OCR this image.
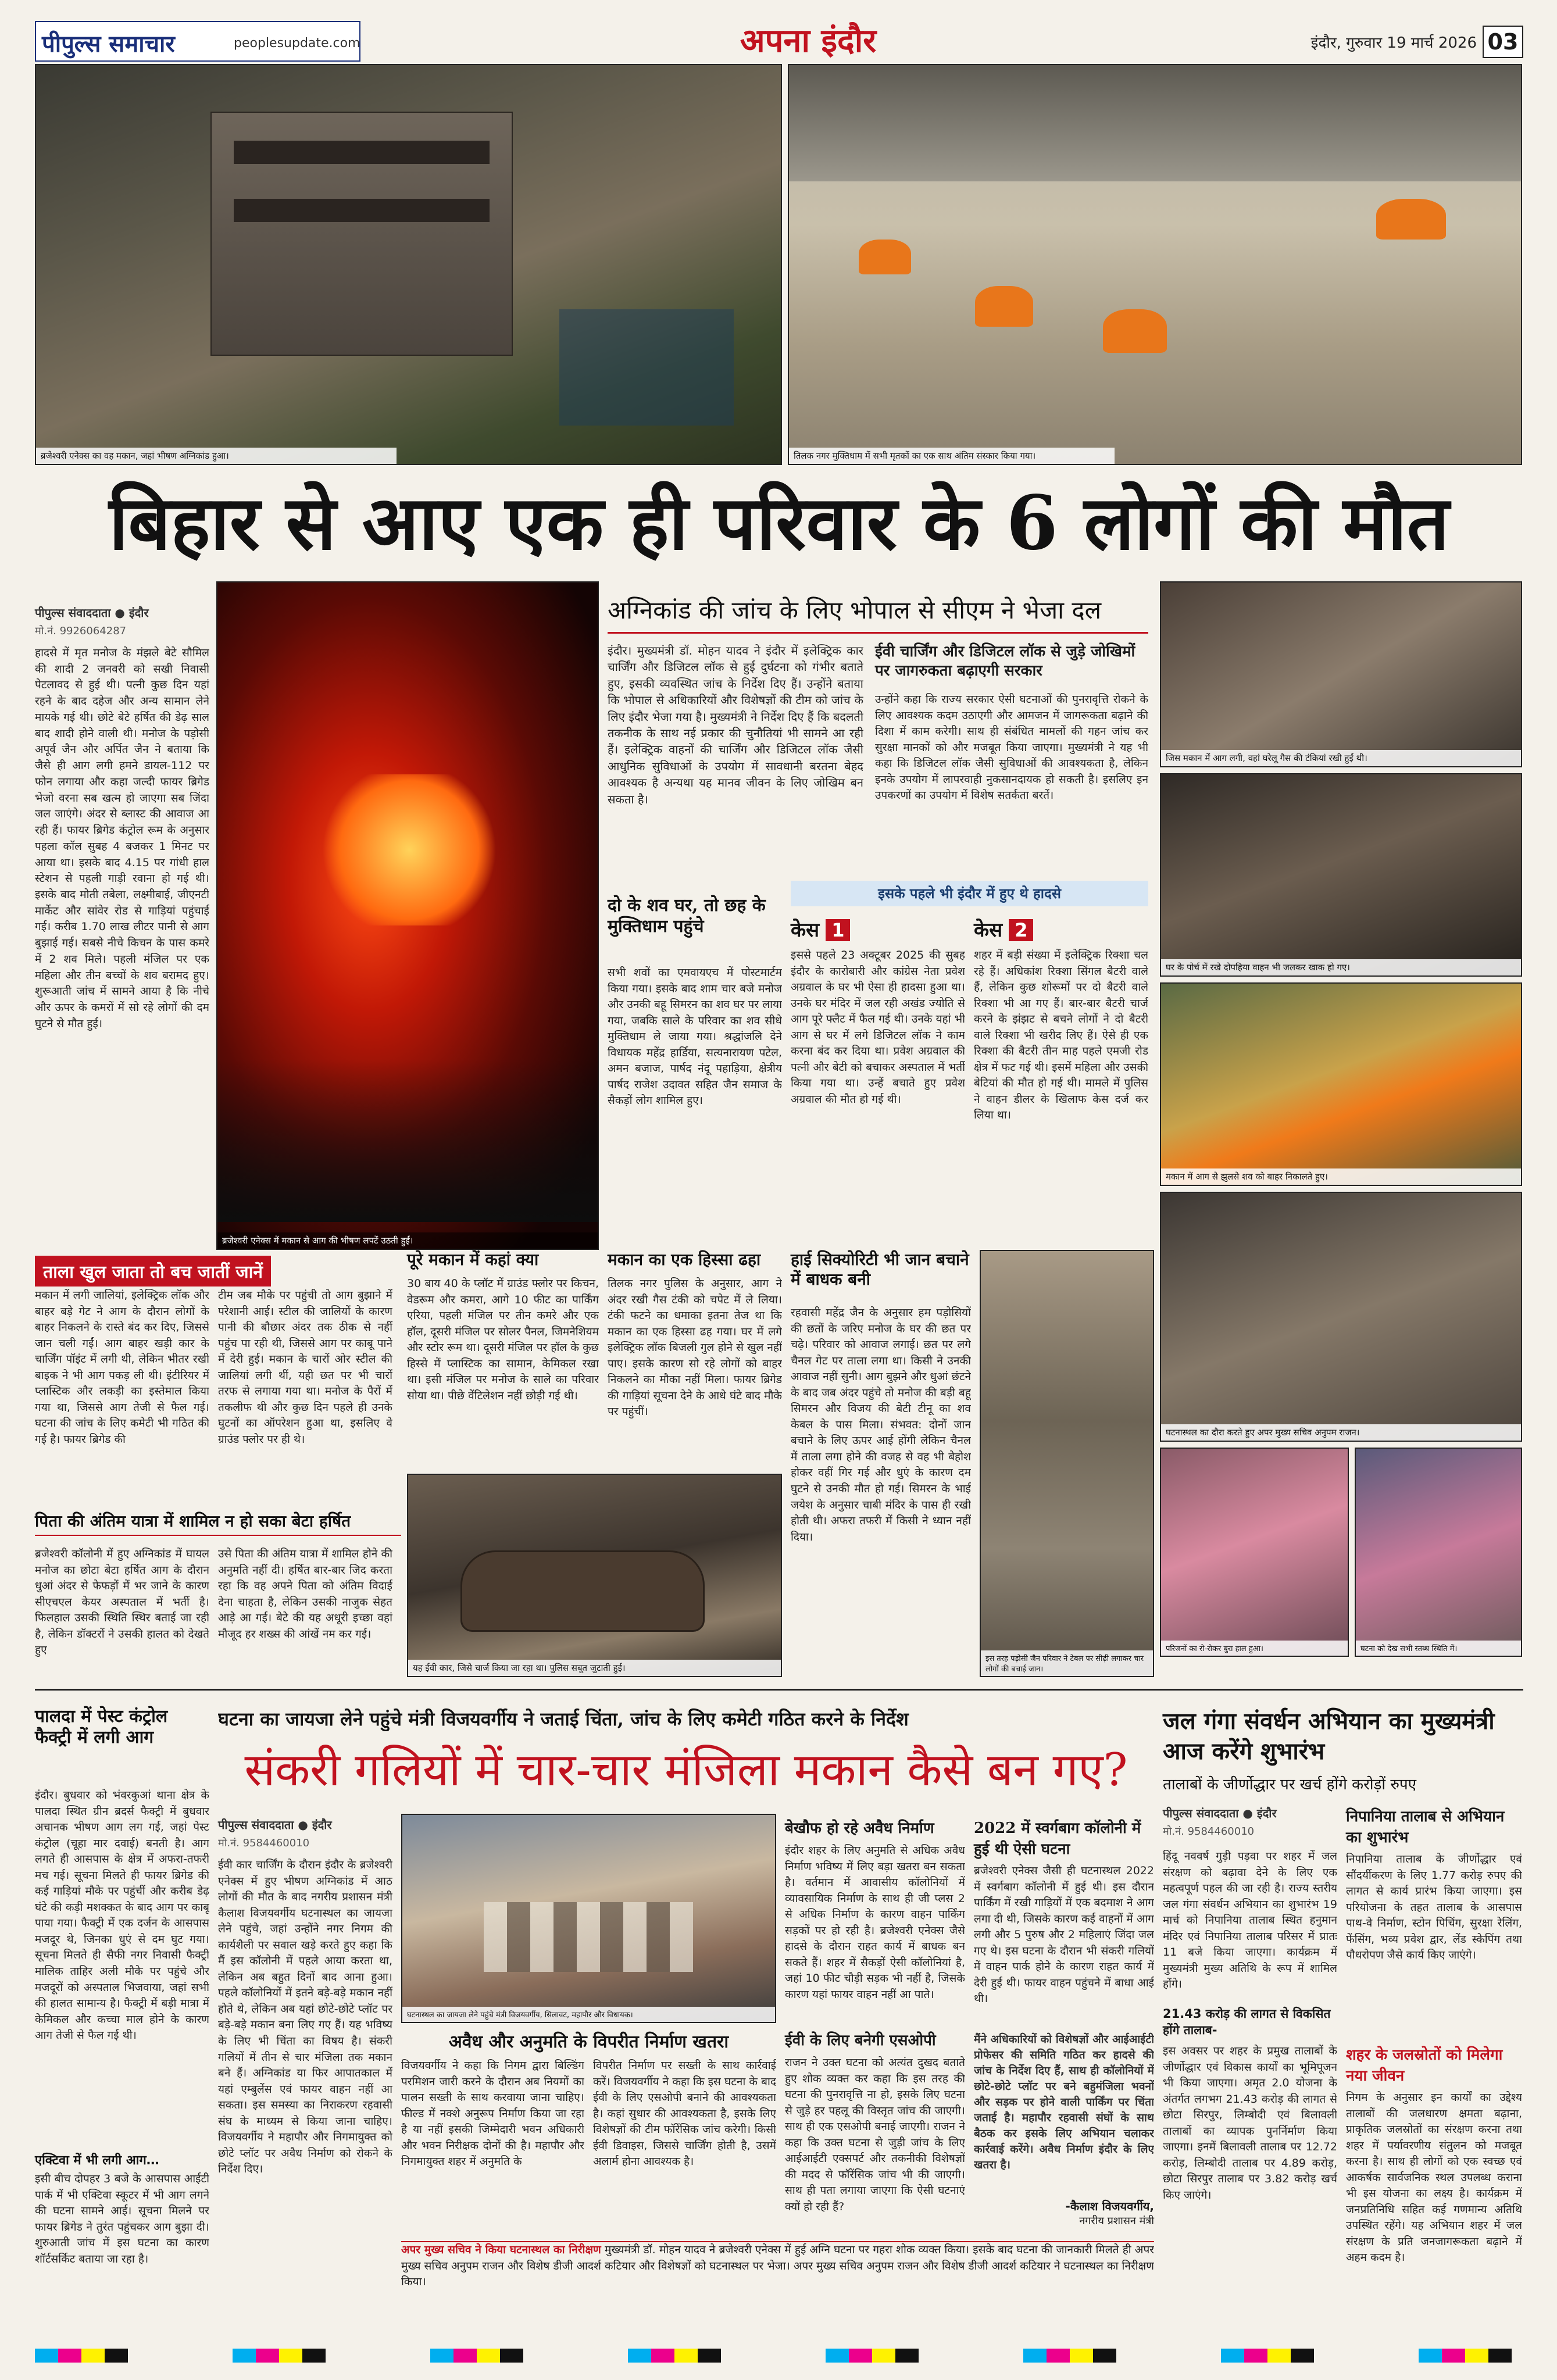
पीपुल्स समाचार	peoplesupdate.com	अपना इंदौर	इंदौर, गुरुवार 19 मार्च 2026 03
ब्रजेश्वरी एनेक्स का वह मकान, जहां भीषण अग्निकांड हुआ।	तिलक नगर मुक्तिधाम में सभी मृतकों का एक साथ अंतिम संस्कार किया गया।
बिहार से आए एक ही परिवार के 6 लोगों की मौत
पीपुल्स संवाददाता ● इंदौर
मो.नं. 9926064287
हादसे में मृत मनोज के मंझले बेटे सौमिल की शादी 2 जनवरी को सखी निवासी पेटलावद से हुई थी। पत्नी कुछ दिन यहां रहने के बाद दहेज और अन्य सामान लेने मायके गई थी। छोटे बेटे हर्षित की डेढ़ साल बाद शादी होने वाली थी। मनोज के पड़ोसी अपूर्व जैन और अर्पित जैन ने बताया कि जैसे ही आग लगी हमने डायल-112 पर फोन लगाया और कहा जल्दी फायर ब्रिगेड भेजो वरना सब खत्म हो जाएगा सब जिंदा जल जाएंगे। अंदर से ब्लास्ट की आवाज आ रही हैं। फायर ब्रिगेड कंट्रोल रूम के अनुसार पहला कॉल सुबह 4 बजकर 1 मिनट पर आया था। इसके बाद 4.15 पर गांधी हाल स्टेशन से पहली गाड़ी रवाना हो गई थी। इसके बाद मोती तबेला, लक्ष्मीबाई, जीएनटी मार्केट और सांवेर रोड से गाड़ियां पहुंचाई गई। करीब 1.70 लाख लीटर पानी से आग बुझाई गई। सबसे नीचे किचन के पास कमरे में 2 शव मिले। पहली मंजिल पर एक महिला और तीन बच्चों के शव बरामद हुए। शुरूआती जांच में सामने आया है कि नीचे और ऊपर के कमरों में सो रहे लोगों की दम घुटने से मौत हुई।
ब्रजेश्वरी एनेक्स में मकान से आग की भीषण लपटें उठती हुईं।
अग्निकांड की जांच के लिए भोपाल से सीएम ने भेजा दल
इंदौर। मुख्यमंत्री डॉ. मोहन यादव ने इंदौर में इलेक्ट्रिक कार चार्जिंग और डिजिटल लॉक से हुई दुर्घटना को गंभीर बताते हुए, इसकी व्यवस्थित जांच के निर्देश दिए हैं। उन्होंने बताया कि भोपाल से अधिकारियों और विशेषज्ञों की टीम को जांच के लिए इंदौर भेजा गया है। मुख्यमंत्री ने निर्देश दिए हैं कि बदलती तकनीक के साथ नई प्रकार की चुनौतियां भी सामने आ रही हैं। इलेक्ट्रिक वाहनों की चार्जिंग और डिजिटल लॉक जैसी आधुनिक सुविधाओं के उपयोग में सावधानी बरतना बेहद आवश्यक है अन्यथा यह मानव जीवन के लिए जोखिम बन सकता है।
ईवी चार्जिंग और डिजिटल लॉक से जुड़े जोखिमों पर जागरुकता बढ़ाएगी सरकार
उन्होंने कहा कि राज्य सरकार ऐसी घटनाओं की पुनरावृत्ति रोकने के लिए आवश्यक कदम उठाएगी और आमजन में जागरूकता बढ़ाने की दिशा में काम करेगी। साथ ही संबंधित मामलों की गहन जांच कर सुरक्षा मानकों को और मजबूत किया जाएगा। मुख्यमंत्री ने यह भी कहा कि डिजिटल लॉक जैसी सुविधाओं की आवश्यकता है, लेकिन इनके उपयोग में लापरवाही नुकसानदायक हो सकती है। इसलिए इन उपकरणों का उपयोग में विशेष सतर्कता बरतें।
दो के शव घर, तो छह के मुक्तिधाम पहुंचे
सभी शवों का एमवायएच में पोस्टमार्टम किया गया। इसके बाद शाम चार बजे मनोज और उनकी बहू सिमरन का शव घर पर लाया गया, जबकि साले के परिवार का शव सीधे मुक्तिधाम ले जाया गया। श्रद्धांजलि देने विधायक महेंद्र हार्डिया, सत्यनारायण पटेल, अमन बजाज, पार्षद नंदू पहाड़िया, क्षेत्रीय पार्षद राजेश उदावत सहित जैन समाज के सैकड़ों लोग शामिल हुए।
इसके पहले भी इंदौर में हुए थे हादसे
केस 1
इससे पहले 23 अक्टूबर 2025 की सुबह इंदौर के कारोबारी और कांग्रेस नेता प्रवेश अग्रवाल के घर भी ऐसा ही हादसा हुआ था। उनके घर मंदिर में जल रही अखंड ज्योति से आग पूरे फ्लैट में फैल गई थी। उनके यहां भी आग से घर में लगे डिजिटल लॉक ने काम करना बंद कर दिया था। प्रवेश अग्रवाल की पत्नी और बेटी को बचाकर अस्पताल में भर्ती किया गया था। उन्हें बचाते हुए प्रवेश अग्रवाल की मौत हो गई थी।
केस 2
शहर में बड़ी संख्या में इलेक्ट्रिक रिक्शा चल रहे हैं। अधिकांश रिक्शा सिंगल बैटरी वाले हैं, लेकिन कुछ शोरूमों पर दो बैटरी वाले रिक्शा भी आ गए हैं। बार-बार बैटरी चार्ज करने के झंझट से बचने लोगों ने दो बैटरी वाले रिक्शा भी खरीद लिए हैं। ऐसे ही एक रिक्शा की बैटरी तीन माह पहले एमजी रोड क्षेत्र में फट गई थी। इसमें महिला और उसकी बेटियां की मौत हो गई थी। मामले में पुलिस ने वाहन डीलर के खिलाफ केस दर्ज कर लिया था।
जिस मकान में आग लगी, वहां घरेलू गैस की टंकियां रखी हुईं थी।
घर के पोर्च में रखे दोपहिया वाहन भी जलकर खाक हो गए।
मकान में आग से झुलसे शव को बाहर निकालते हुए।
घटनास्थल का दौरा करते हुए अपर मुख्य सचिव अनुपम राजन।
परिजनों का रो-रोकर बुरा हाल हुआ।	घटना को देख सभी स्तब्ध स्थिति में।
ताला खुल जाता तो बच जातीं जानें
मकान में लगी जालियां, इलेक्ट्रिक लॉक और बाहर बड़े गेट ने आग के दौरान लोगों के बाहर निकलने के रास्ते बंद कर दिए, जिससे जान चली गईं। आग बाहर खड़ी कार के चार्जिंग पॉइंट में लगी थी, लेकिन भीतर रखी बाइक ने भी आग पकड़ ली थी। इंटीरियर में प्लास्टिक और लकड़ी का इस्तेमाल किया गया था, जिससे आग तेजी से फैल गई। घटना की जांच के लिए कमेटी भी गठित की गई है। फायर ब्रिगेड की
टीम जब मौके पर पहुंची तो आग बुझाने में परेशानी आई। स्टील की जालियों के कारण पानी की बौछार अंदर तक ठीक से नहीं पहुंच पा रही थी, जिससे आग पर काबू पाने में देरी हुई। मकान के चारों ओर स्टील की जालियां लगी थीं, यही छत पर भी चारों तरफ से लगाया गया था। मनोज के पैरों में तकलीफ थी और कुछ दिन पहले ही उनके घुटनों का ऑपरेशन हुआ था, इसलिए वे ग्राउंड फ्लोर पर ही थे।
पूरे मकान में कहां क्या
30 बाय 40 के प्लॉट में ग्राउंड फ्लोर पर किचन, वेडरूम और कमरा, आगे 10 फीट का पार्किंग एरिया, पहली मंजिल पर तीन कमरे और एक हॉल, दूसरी मंजिल पर सोलर पैनल, जिमनेशियम और स्टोर रूम था। दूसरी मंजिल पर हॉल के कुछ हिस्से में प्लास्टिक का सामान, केमिकल रखा था। इसी मंजिल पर मनोज के साले का परिवार सोया था। पीछे वेंटिलेशन नहीं छोड़ी गई थी।
मकान का एक हिस्सा ढहा
तिलक नगर पुलिस के अनुसार, आग ने अंदर रखी गैस टंकी को चपेट में ले लिया। टंकी फटने का धमाका इतना तेज था कि मकान का एक हिस्सा ढह गया। घर में लगे इलेक्ट्रिक लॉक बिजली गुल होने से खुल नहीं पाए। इसके कारण सो रहे लोगों को बाहर निकलने का मौका नहीं मिला। फायर ब्रिगेड की गाड़ियां सूचना देने के आधे घंटे बाद मौके पर पहुंचीं।
हाई सिक्योरिटी भी जान बचाने में बाधक बनी
रहवासी महेंद्र जैन के अनुसार हम पड़ोसियों की छतों के जरिए मनोज के घर की छत पर चढ़े। परिवार को आवाज लगाई। छत पर लगे चैनल गेट पर ताला लगा था। किसी ने उनकी आवाज नहीं सुनी। आग बुझने और धुआं छंटने के बाद जब अंदर पहुंचे तो मनोज की बड़ी बहू सिमरन और विजय की बेटी टीनू का शव केबल के पास मिला। संभवत: दोनों जान बचाने के लिए ऊपर आई होंगी लेकिन चैनल में ताला लगा होने की वजह से वह भी बेहोश होकर वहीं गिर गई और धुएं के कारण दम घुटने से उनकी मौत हो गई। सिमरन के भाई जयेश के अनुसार चाबी मंदिर के पास ही रखी होती थी। अफरा तफरी में किसी ने ध्यान नहीं दिया।
इस तरह पड़ोसी जैन परिवार ने टेबल पर सीढ़ी लगाकर चार लोगों की बचाई जान।
यह ईवी कार, जिसे चार्ज किया जा रहा था। पुलिस सबूत जुटाती हुई।
पिता की अंतिम यात्रा में शामिल न हो सका बेटा हर्षित
ब्रजेश्वरी कॉलोनी में हुए अग्निकांड में घायल मनोज का छोटा बेटा हर्षित आग के दौरान धुआं अंदर से फेफड़ों में भर जाने के कारण सीएचएल केयर अस्पताल में भर्ती है। फिलहाल उसकी स्थिति स्थिर बताई जा रही है, लेकिन डॉक्टरों ने उसकी हालत को देखते हुए
उसे पिता की अंतिम यात्रा में शामिल होने की अनुमति नहीं दी। हर्षित बार-बार जिद करता रहा कि वह अपने पिता को अंतिम विदाई देना चाहता है, लेकिन उसकी नाजुक सेहत आड़े आ गई। बेटे की यह अधूरी इच्छा वहां मौजूद हर शख्स की आंखें नम कर गई।
पालदा में पेस्ट कंट्रोल फैक्ट्री में लगी आग
इंदौर। बुधवार को भंवरकुआं थाना क्षेत्र के पालदा स्थित ग्रीन ब्रदर्स फैक्ट्री में बुधवार अचानक भीषण आग लग गई, जहां पेस्ट कंट्रोल (चूहा मार दवाई) बनती है। आग लगते ही आसपास के क्षेत्र में अफरा-तफरी मच गई। सूचना मिलते ही फायर ब्रिगेड की कई गाड़ियां मौके पर पहुंचीं और करीब डेढ़ घंटे की कड़ी मशक्कत के बाद आग पर काबू पाया गया। फैक्ट्री में एक दर्जन के आसपास मजदूर थे, जिनका धुएं से दम घुट गया। सूचना मिलते ही सैफी नगर निवासी फैक्ट्री मालिक ताहिर अली मौके पर पहुंचे और मजदूरों को अस्पताल भिजवाया, जहां सभी की हालत सामान्य है। फैक्ट्री में बड़ी मात्रा में केमिकल और कच्चा माल होने के कारण आग तेजी से फैल गई थी।
एक्टिवा में भी लगी आग…
इसी बीच दोपहर 3 बजे के आसपास आईटी पार्क में भी एक्टिवा स्कूटर में भी आग लगने की घटना सामने आई। सूचना मिलने पर फायर ब्रिगेड ने तुरंत पहुंचकर आग बुझा दी। शुरुआती जांच में इस घटना का कारण शॉर्टसर्किट बताया जा रहा है।
घटना का जायजा लेने पहुंचे मंत्री विजयवर्गीय ने जताई चिंता, जांच के लिए कमेटी गठित करने के निर्देश
संकरी गलियों में चार-चार मंजिला मकान कैसे बन गए?
पीपुल्स संवाददाता ● इंदौर
मो.नं. 9584460010
ईवी कार चार्जिंग के दौरान इंदौर के ब्रजेश्वरी एनेक्स में हुए भीषण अग्निकांड में आठ लोगों की मौत के बाद नगरीय प्रशासन मंत्री कैलाश विजयवर्गीय घटनास्थल का जायजा लेने पहुंचे, जहां उन्होंने नगर निगम की कार्यशैली पर सवाल खड़े करते हुए कहा कि मैं इस कॉलोनी में पहले आया करता था, लेकिन अब बहुत दिनों बाद आना हुआ। पहले कॉलोनियों में इतने बड़े-बड़े मकान नहीं होते थे, लेकिन अब यहां छोटे-छोटे प्लॉट पर बड़े-बड़े मकान बना लिए गए हैं। यह भविष्य के लिए भी चिंता का विषय है। संकरी गलियों में तीन से चार मंजिला तक मकान बने हैं। अग्निकांड या फिर आपातकाल में यहां एम्बुलेंस एवं फायर वाहन नहीं आ सकता। इस समस्या का निराकरण रहवासी संघ के माध्यम से किया जाना चाहिए। विजयवर्गीय ने महापौर और निगमायुक्त को छोटे प्लॉट पर अवैध निर्माण को रोकने के निर्देश दिए।
घटनास्थल का जायजा लेने पहुंचे मंत्री विजयवर्गीय, सिलावट, महापौर और विधायक।
अवैध और अनुमति के विपरीत निर्माण खतरा
विजयवर्गीय ने कहा कि निगम द्वारा बिल्डिंग परमिशन जारी करने के दौरान अब नियमों का पालन सख्ती के साथ करवाया जाना चाहिए। फील्ड में नक्शे अनुरूप निर्माण किया जा रहा है या नहीं इसकी जिम्मेदारी भवन अधिकारी और भवन निरीक्षक दोनों की है। महापौर और निगमायुक्त शहर में अनुमति के
विपरीत निर्माण पर सख्ती के साथ कार्रवाई करें। विजयवर्गीय ने कहा कि इस घटना के बाद ईवी के लिए एसओपी बनाने की आवश्यकता है। कहां सुधार की आवश्यकता है, इसके लिए विशेषज्ञों की टीम फॉरेंसिक जांच करेगी। किसी ईवी डिवाइस, जिससे चार्जिंग होती है, उसमें अलार्म होना आवश्यक है।
अपर मुख्य सचिव ने किया घटनास्थल का निरीक्षण मुख्यमंत्री डॉ. मोहन यादव ने ब्रजेश्वरी एनेक्स में हुई अग्नि घटना पर गहरा शोक व्यक्त किया। इसके बाद घटना की जानकारी मिलते ही अपर मुख्य सचिव अनुपम राजन और विशेष डीजी आदर्श कटियार और विशेषज्ञों को घटनास्थल पर भेजा। अपर मुख्य सचिव अनुपम राजन और विशेष डीजी आदर्श कटियार ने घटनास्थल का निरीक्षण किया।
बेखौफ हो रहे अवैध निर्माण
इंदौर शहर के लिए अनुमति से अधिक अवैध निर्माण भविष्य में लिए बड़ा खतरा बन सकता है। वर्तमान में आवासीय कॉलोनियों में व्यावसायिक निर्माण के साथ ही जी प्लस 2 से अधिक निर्माण के कारण वाहन पार्किंग सड़कों पर हो रही है। ब्रजेश्वरी एनेक्स जैसे हादसे के दौरान राहत कार्य में बाधक बन सकते हैं। शहर में सैकड़ों ऐसी कॉलोनियां है, जहां 10 फीट चौड़ी सड़क भी नहीं है, जिसके कारण यहां फायर वाहन नहीं आ पाते।
ईवी के लिए बनेगी एसओपी
राजन ने उक्त घटना को अत्यंत दुखद बताते हुए शोक व्यक्त कर कहा कि इस तरह की घटना की पुनरावृत्ति ना हो, इसके लिए घटना से जुड़े हर पहलू की विस्तृत जांच की जाएगी। साथ ही एक एसओपी बनाई जाएगी। राजन ने कहा कि उक्त घटना से जुड़ी जांच के लिए आईआईटी एक्सपर्ट और तकनीकी विशेषज्ञों की मदद से फॉरेंसिक जांच भी की जाएगी। साथ ही पता लगाया जाएगा कि ऐसी घटनाएं क्यों हो रही हैं?
2022 में स्वर्गबाग कॉलोनी में हुई थी ऐसी घटना
ब्रजेश्वरी एनेक्स जैसी ही घटनास्थल 2022 में स्वर्गबाग कॉलोनी में हुई थी। इस दौरान पार्किंग में रखी गाड़ियों में एक बदमाश ने आग लगा दी थी, जिसके कारण कई वाहनों में आग लगी और 5 पुरुष और 2 महिलाएं जिंदा जल गए थे। इस घटना के दौरान भी संकरी गलियों में वाहन पार्क होने के कारण राहत कार्य में देरी हुई थी। फायर वाहन पहुंचने में बाधा आई थी।
मैंने अधिकारियों को विशेषज्ञों और आईआईटी प्रोफेसर की समिति गठित कर हादसे की जांच के निर्देश दिए हैं, साथ ही कॉलोनियों में छोटे-छोटे प्लॉट पर बने बहुमंजिला भवनों और सड़क पर होने वाली पार्किंग पर चिंता जताई है। महापौर रहवासी संघों के साथ बैठक कर इसके लिए अभियान चलाकर कार्रवाई करेंगे। अवैध निर्माण इंदौर के लिए खतरा है।
-कैलाश विजयवर्गीय,
नगरीय प्रशासन मंत्री
जल गंगा संवर्धन अभियान का मुख्यमंत्री आज करेंगे शुभारंभ
तालाबों के जीर्णोद्धार पर खर्च होंगे करोड़ों रुपए
पीपुल्स संवाददाता ● इंदौर
मो.नं. 9584460010
हिंदू नववर्ष गुड़ी पड़वा पर शहर में जल संरक्षण को बढ़ावा देने के लिए एक महत्वपूर्ण पहल की जा रही है। राज्य स्तरीय जल गंगा संवर्धन अभियान का शुभारंभ 19 मार्च को निपानिया तालाब स्थित हनुमान मंदिर एवं निपानिया तालाब परिसर में प्रातः 11 बजे किया जाएगा। कार्यक्रम में मुख्यमंत्री मुख्य अतिथि के रूप में शामिल होंगे।
21.43 करोड़ की लागत से विकसित होंगे तालाब-
इस अवसर पर शहर के प्रमुख तालाबों के जीर्णोद्धार एवं विकास कार्यों का भूमिपूजन भी किया जाएगा। अमृत 2.0 योजना के अंतर्गत लगभग 21.43 करोड़ की लागत से छोटा सिरपुर, लिम्बोदी एवं बिलावली तालाबों का व्यापक पुनर्निर्माण किया जाएगा। इनमें बिलावली तालाब पर 12.72 करोड़, लिम्बोदी तालाब पर 4.89 करोड़, छोटा सिरपुर तालाब पर 3.82 करोड़ खर्च किए जाएंगे।
निपानिया तालाब से अभियान का शुभारंभ
निपानिया तालाब के जीर्णोद्धार एवं सौंदर्यीकरण के लिए 1.77 करोड़ रुपए की लागत से कार्य प्रारंभ किया जाएगा। इस परियोजना के तहत तालाब के आसपास पाथ-वे निर्माण, स्टोन पिचिंग, सुरक्षा रेलिंग, फेंसिंग, भव्य प्रवेश द्वार, लेंड स्केपिंग तथा पौधरोपण जैसे कार्य किए जाएंगे।
शहर के जलस्रोतों को मिलेगा नया जीवन
निगम के अनुसार इन कार्यों का उद्देश्य तालाबों की जलधारण क्षमता बढ़ाना, प्राकृतिक जलस्रोतों का संरक्षण करना तथा शहर में पर्यावरणीय संतुलन को मजबूत करना है। साथ ही लोगों को एक स्वच्छ एवं आकर्षक सार्वजनिक स्थल उपलब्ध कराना भी इस योजना का लक्ष्य है। कार्यक्रम में जनप्रतिनिधि सहित कई गणमान्य अतिथि उपस्थित रहेंगे। यह अभियान शहर में जल संरक्षण के प्रति जनजागरूकता बढ़ाने में अहम कदम है।
